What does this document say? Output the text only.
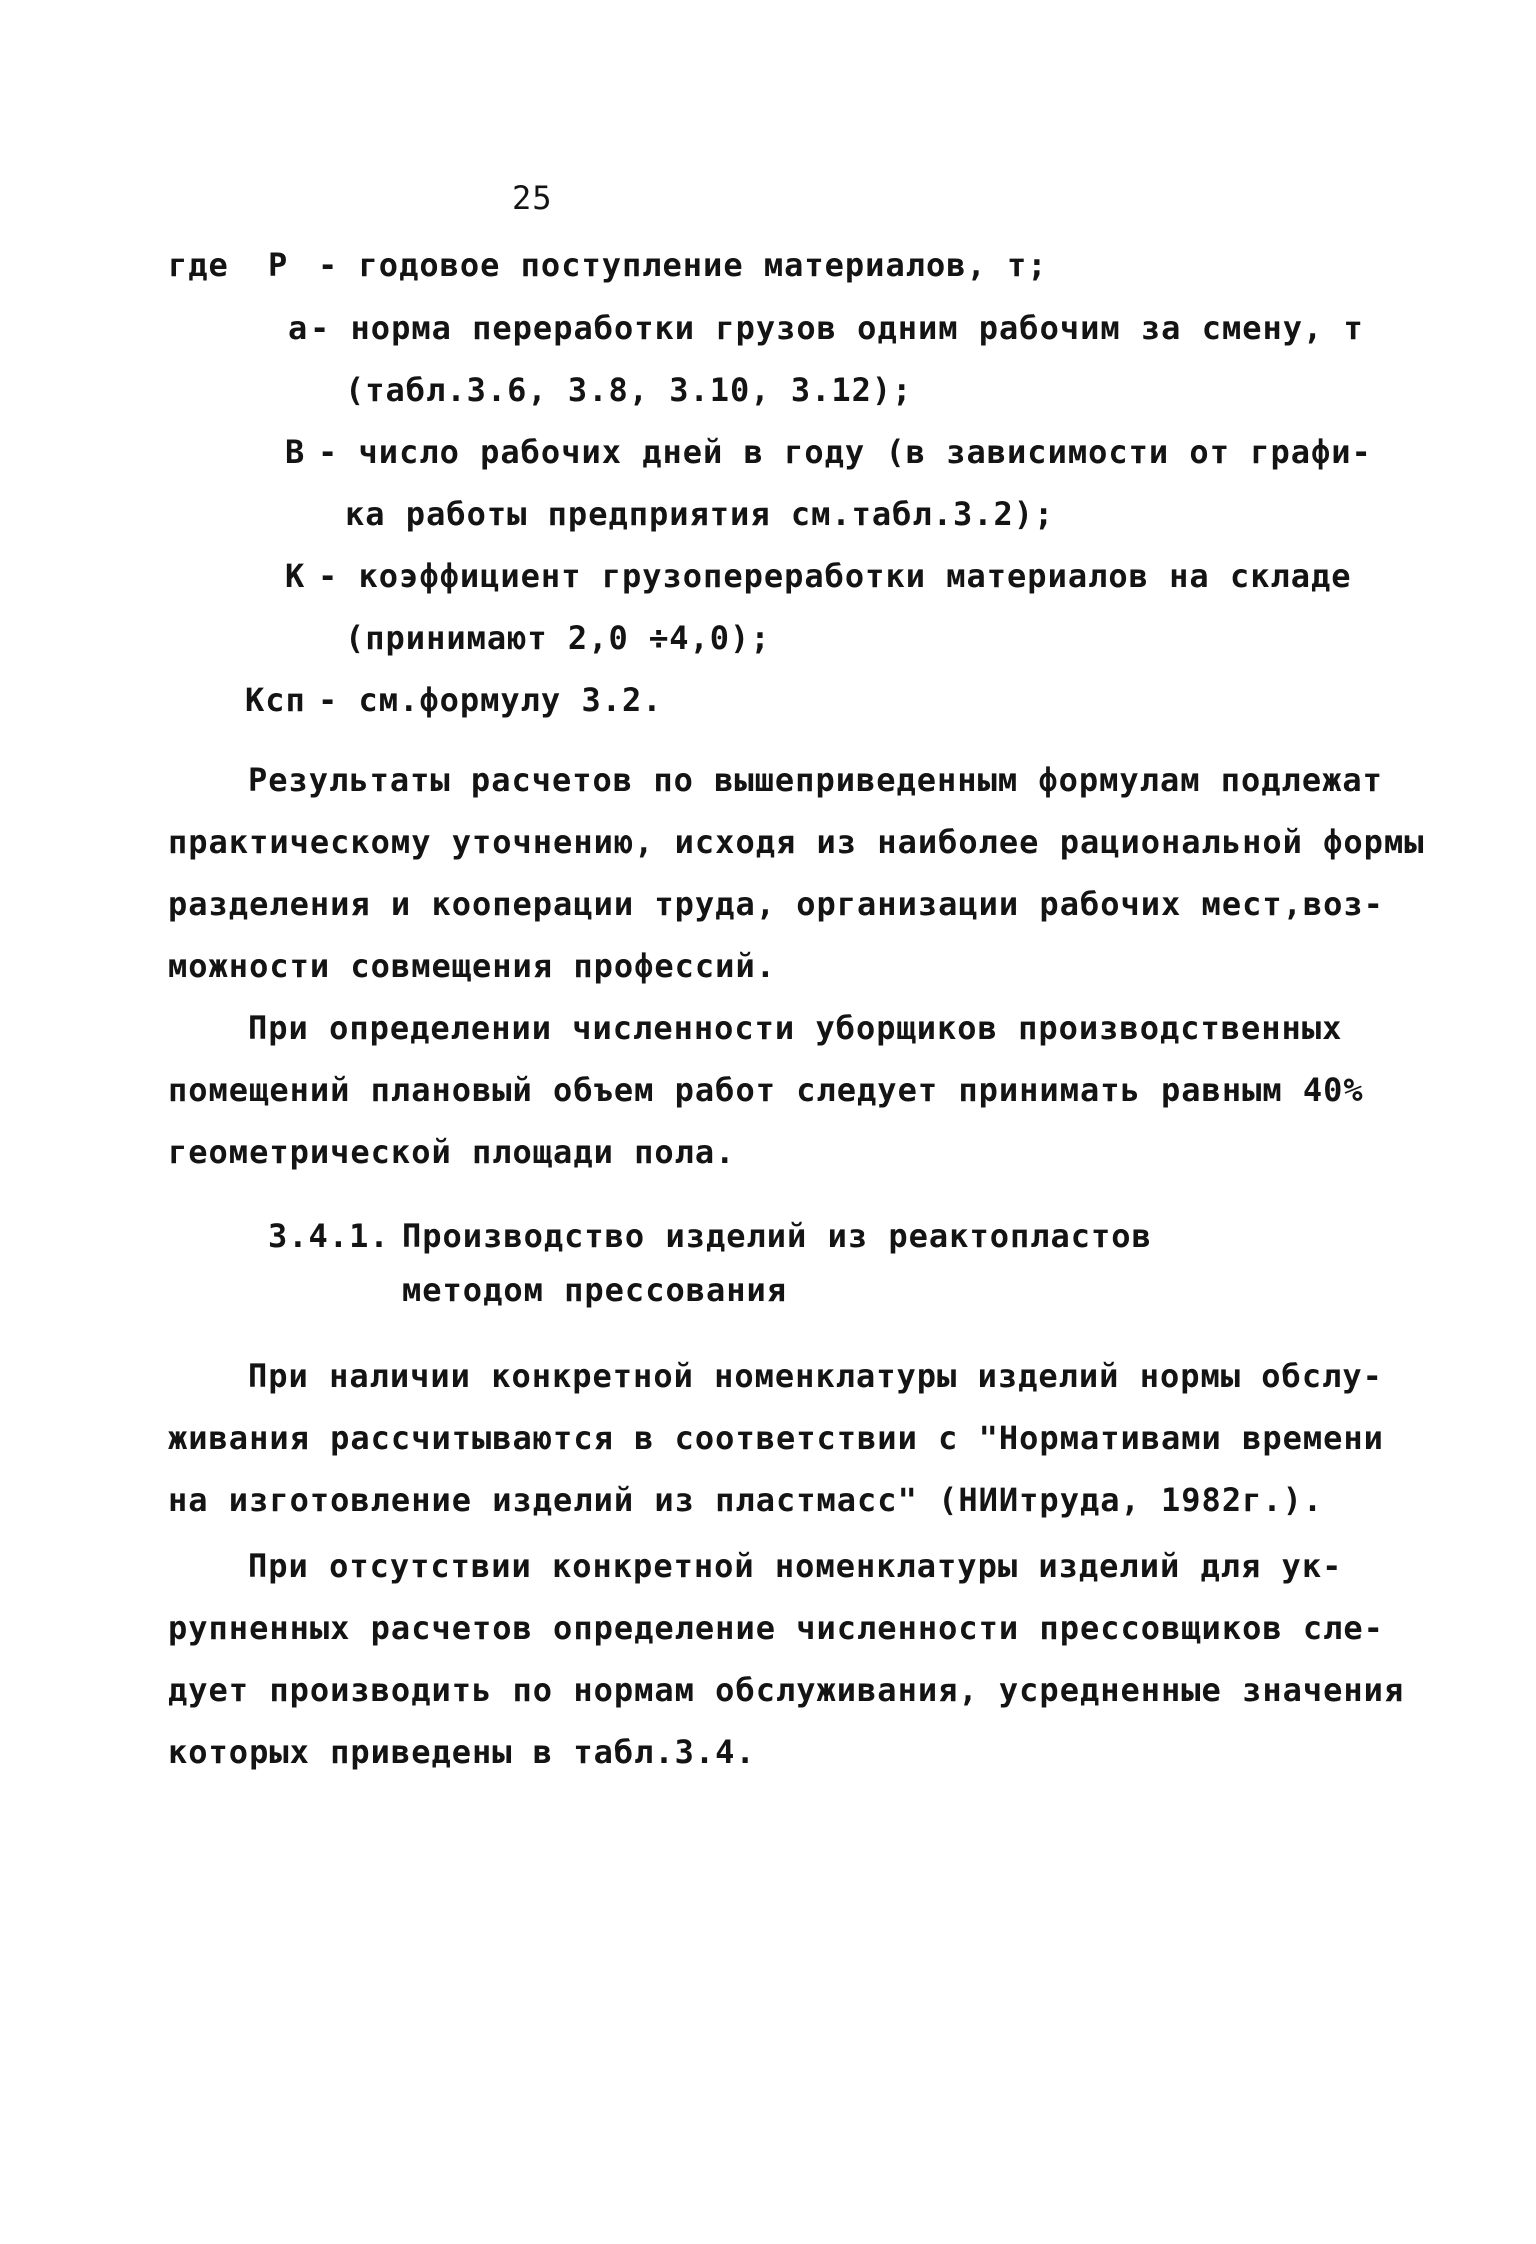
25
где P - годовое поступление материалов, т;
а - норма переработки грузов одним рабочим за смену, т
(табл.3.6, 3.8, 3.10, 3.12);
В - число рабочих дней в году (в зависимости от графи-
ка работы предприятия см.табл.3.2);
К - коэффициент грузопереработки материалов на складе
(принимают 2,0 ÷4,0);
Ксп - см.формулу 3.2.
Результаты расчетов по вышеприведенным формулам подлежат
практическому уточнению, исходя из наиболее рациональной формы
разделения и кооперации труда, организации рабочих мест,воз-
можности совмещения профессий.
При определении численности уборщиков производственных
помещений плановый объем работ следует принимать равным 40%
геометрической площади пола.
3.4.1. Производство изделий из реактопластов
методом прессования
При наличии конкретной номенклатуры изделий нормы обслу-
живания рассчитываются в соответствии с "Нормативами времени
на изготовление изделий из пластмасс" (НИИтруда, 1982г.).
При отсутствии конкретной номенклатуры изделий для ук-
рупненных расчетов определение численности прессовщиков сле-
дует производить по нормам обслуживания, усредненные значения
которых приведены в табл.3.4.
